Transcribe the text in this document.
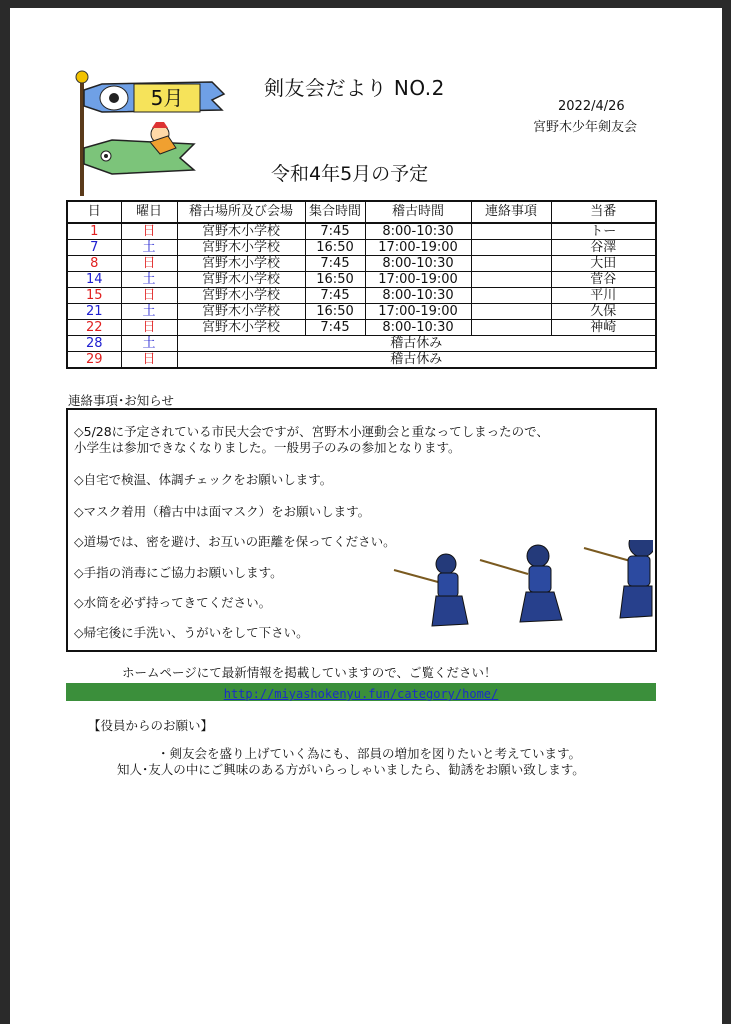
5月	剣友会だより NO.2
2022/4/26
宮野木少年剣友会
令和4年5月の予定
日	曜日	稽古場所及び会場	集合時間	稽古時間	連絡事項	当番
1	日	宮野木小学校	7:45	8:00-10:30		トー
7	土	宮野木小学校	16:50	17:00-19:00		谷澤
8	日	宮野木小学校	7:45	8:00-10:30		大田
14	土	宮野木小学校	16:50	17:00-19:00		菅谷
15	日	宮野木小学校	7:45	8:00-10:30		平川
21	土	宮野木小学校	16:50	17:00-19:00		久保
22	日	宮野木小学校	7:45	8:00-10:30		神崎
28	土	稽古休み				
29	日	稽古休み				
連絡事項･お知らせ
◇5/28に予定されている市民大会ですが、宮野木小運動会と重なってしまったので、
小学生は参加できなくなりました。一般男子のみの参加となります。
◇自宅で検温、体調チェックをお願いします。
◇マスク着用（稽古中は面マスク）をお願いします。
◇道場では、密を避け、お互いの距離を保ってください。
◇手指の消毒にご協力お願いします。
◇水筒を必ず持ってきてください。
◇帰宅後に手洗い、うがいをして下さい。
ホームページにて最新情報を掲載していますので、ご覧ください！
http://miyashokenyu.fun/category/home/
【役員からのお願い】
・剣友会を盛り上げていく為にも、部員の増加を図りたいと考えています。
知人･友人の中にご興味のある方がいらっしゃいましたら、勧誘をお願い致します。
